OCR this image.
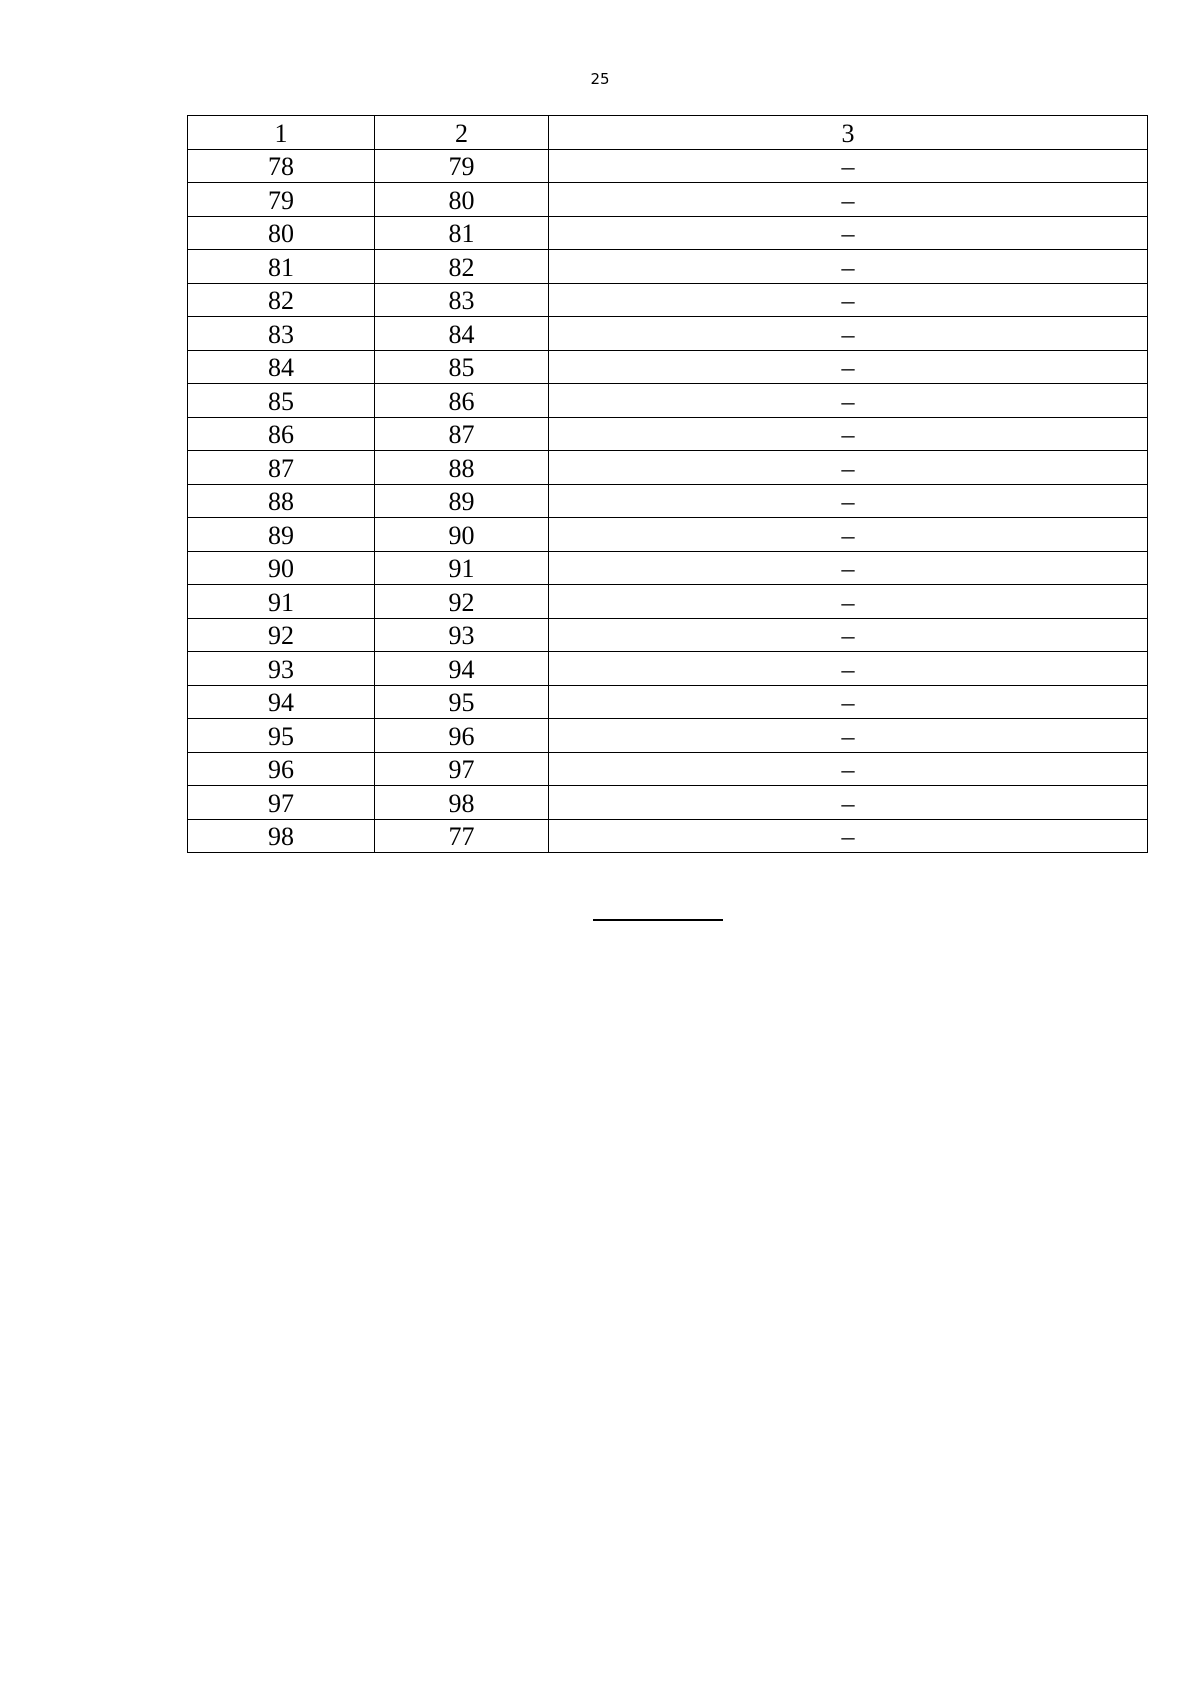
25
1	2	3
78	79	–
79	80	–
80	81	–
81	82	–
82	83	–
83	84	–
84	85	–
85	86	–
86	87	–
87	88	–
88	89	–
89	90	–
90	91	–
91	92	–
92	93	–
93	94	–
94	95	–
95	96	–
96	97	–
97	98	–
98	77	–
